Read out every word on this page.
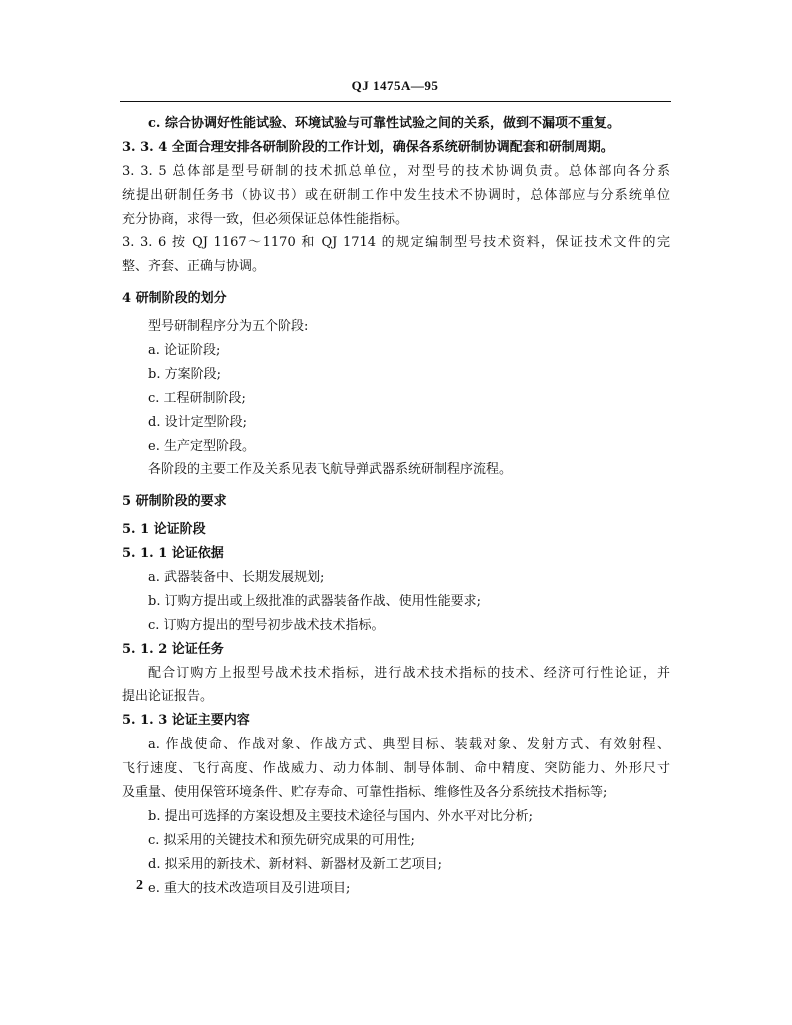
QJ 1475A—95
c. 综合协调好性能试验、环境试验与可靠性试验之间的关系，做到不漏项不重复。
3. 3. 4 全面合理安排各研制阶段的工作计划，确保各系统研制协调配套和研制周期。
3. 3. 5 总体部是型号研制的技术抓总单位，对型号的技术协调负责。总体部向各分系
统提出研制任务书（协议书）或在研制工作中发生技术不协调时，总体部应与分系统单位
充分协商，求得一致，但必须保证总体性能指标。
3. 3. 6 按 QJ 1167～1170 和 QJ 1714 的规定编制型号技术资料，保证技术文件的完
整、齐套、正确与协调。
4 研制阶段的划分
型号研制程序分为五个阶段:
a. 论证阶段;
b. 方案阶段;
c. 工程研制阶段;
d. 设计定型阶段;
e. 生产定型阶段。
各阶段的主要工作及关系见表飞航导弹武器系统研制程序流程。
5 研制阶段的要求
5. 1 论证阶段
5. 1. 1 论证依据
a. 武器装备中、长期发展规划;
b. 订购方提出或上级批准的武器装备作战、使用性能要求;
c. 订购方提出的型号初步战术技术指标。
5. 1. 2 论证任务
配合订购方上报型号战术技术指标，进行战术技术指标的技术、经济可行性论证，并
提出论证报告。
5. 1. 3 论证主要内容
a. 作战使命、作战对象、作战方式、典型目标、装载对象、发射方式、有效射程、
飞行速度、飞行高度、作战威力、动力体制、制导体制、命中精度、突防能力、外形尺寸
及重量、使用保管环境条件、贮存寿命、可靠性指标、维修性及各分系统技术指标等;
b. 提出可选择的方案设想及主要技术途径与国内、外水平对比分析;
c. 拟采用的关键技术和预先研究成果的可用性;
d. 拟采用的新技术、新材料、新器材及新工艺项目;
e. 重大的技术改造项目及引进项目;
2
